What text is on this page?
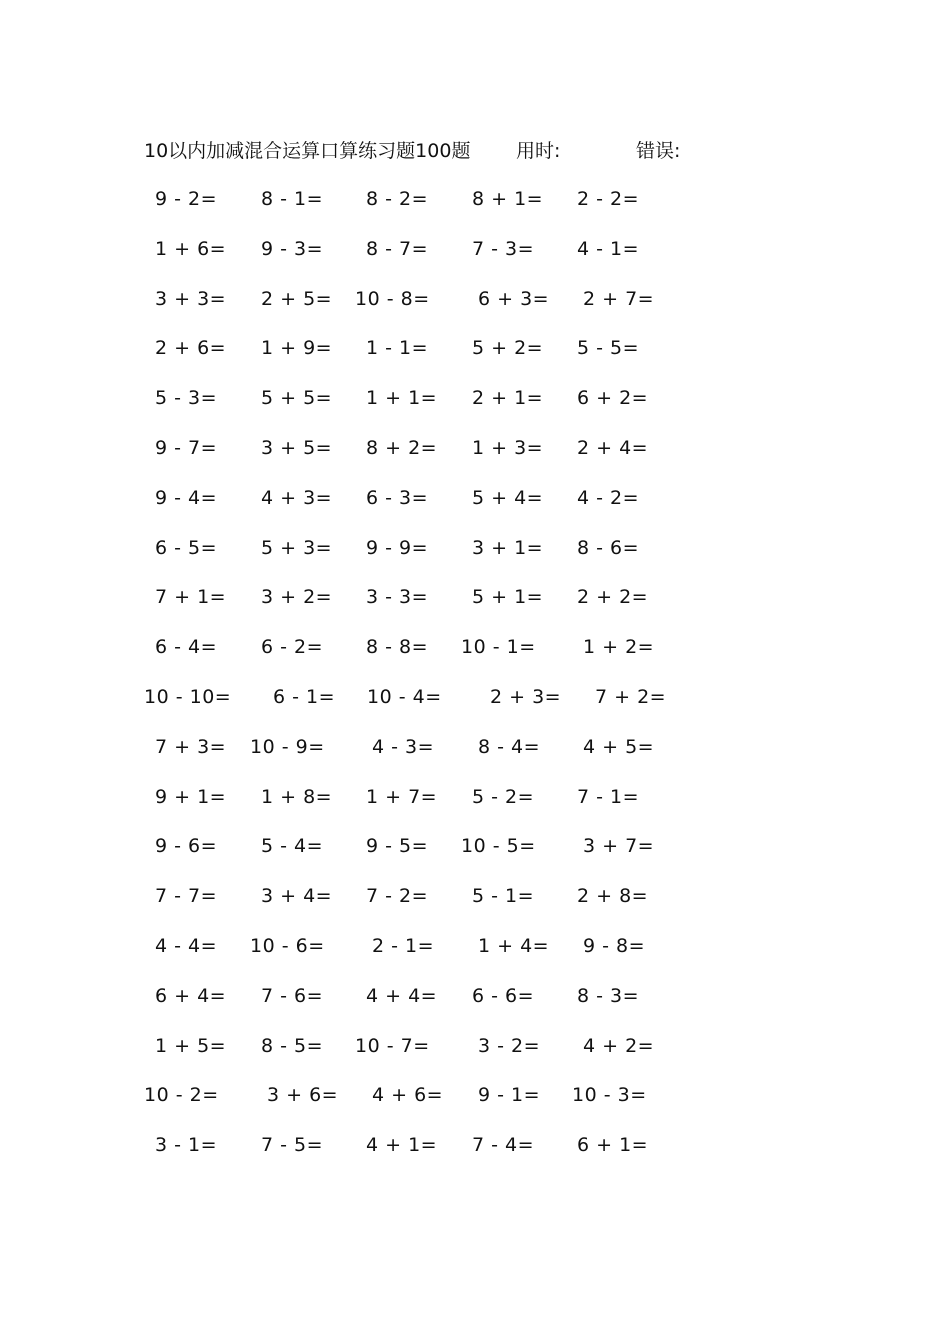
10以内加减混合运算口算练习题100题 用时:	错误:
9 - 2= 8 - 1= 8 - 2= 8 + 1= 2 - 2=
1 + 6= 9 - 3= 8 - 7= 7 - 3= 4 - 1=
3 + 3= 2 + 5= 10 - 8=	6 + 3= 2 + 7=
2 + 6= 1 + 9= 1 - 1= 5 + 2= 5 - 5=
5 - 3= 5 + 5= 1 + 1= 2 + 1= 6 + 2=
9 - 7= 3 + 5= 8 + 2= 1 + 3= 2 + 4=
9 - 4= 4 + 3= 6 - 3= 5 + 4= 4 - 2=
6 - 5= 5 + 3= 9 - 9= 3 + 1= 8 - 6=
7 + 1= 3 + 2= 3 - 3= 5 + 1= 2 + 2=
6 - 4= 6 - 2= 8 - 8= 10 - 1= 1 + 2=
10 - 10= 6 - 1= 10 - 4=	2 + 3= 7 + 2=
7 + 3= 10 - 9= 4 - 3= 8 - 4= 4 + 5=
9 + 1= 1 + 8= 1 + 7= 5 - 2= 7 - 1=
9 - 6= 5 - 4= 9 - 5= 10 - 5= 3 + 7=
7 - 7= 3 + 4= 7 - 2= 5 - 1= 2 + 8=
4 - 4= 10 - 6= 2 - 1= 1 + 4= 9 - 8=
6 + 4= 7 - 6= 4 + 4= 6 - 6= 8 - 3=
1 + 5= 8 - 5= 10 - 7=	3 - 2= 4 + 2=
10 - 2=	3 + 6= 4 + 6= 9 - 1= 10 - 3=
3 - 1= 7 - 5= 4 + 1= 7 - 4= 6 + 1=
